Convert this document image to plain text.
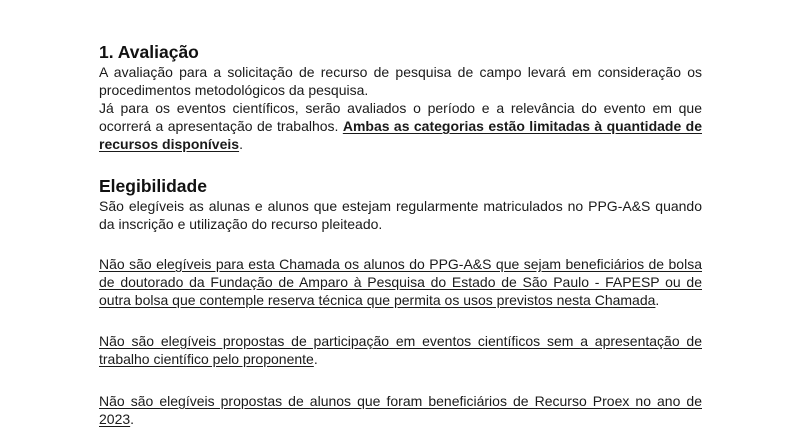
1. Avaliação

A avaliação para a solicitação de recurso de pesquisa de campo levará em consideração os procedimentos metodológicos da pesquisa.

Já para os eventos científicos, serão avaliados o período e a relevância do evento em que ocorrerá a apresentação de trabalhos. Ambas as categorias estão limitadas à quantidade de recursos disponíveis.

Elegibilidade

São elegíveis as alunas e alunos que estejam regularmente matriculados no PPG-A&S quando da inscrição e utilização do recurso pleiteado.

Não são elegíveis para esta Chamada os alunos do PPG-A&S que sejam beneficiários de bolsa de doutorado da Fundação de Amparo à Pesquisa do Estado de São Paulo - FAPESP ou de outra bolsa que contemple reserva técnica que permita os usos previstos nesta Chamada.

Não são elegíveis propostas de participação em eventos científicos sem a apresentação de trabalho científico pelo proponente.

Não são elegíveis propostas de alunos que foram beneficiários de Recurso Proex no ano de 2023.
